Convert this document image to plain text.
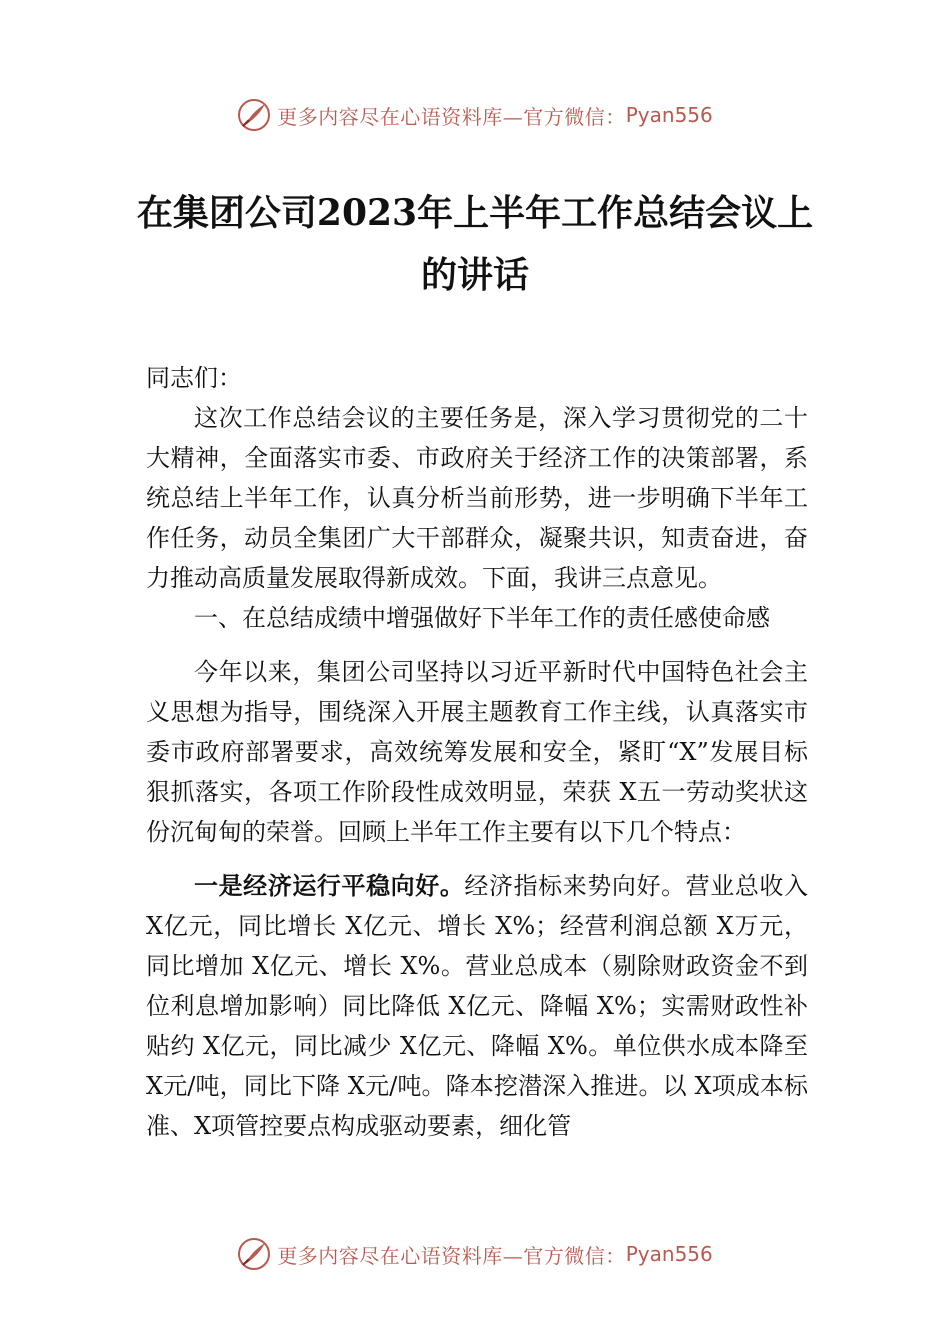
更多内容尽在心语资料库—官方微信： Pyan556
在集团公司2023年上半年工作总结会议上
的讲话

同志们：

这次工作总结会议的主要任务是，深入学习贯彻党的二十大精神，全面落实市委、市政府关于经济工作的决策部署，系统总结上半年工作，认真分析当前形势，进一步明确下半年工作任务，动员全集团广大干部群众，凝聚共识，知责奋进，奋力推动高质量发展取得新成效。下面，我讲三点意见。

一、在总结成绩中增强做好下半年工作的责任感使命感

今年以来，集团公司坚持以习近平新时代中国特色社会主义思想为指导，围绕深入开展主题教育工作主线，认真落实市委市政府部署要求，高效统筹发展和安全，紧盯“X”发展目标狠抓落实，各项工作阶段性成效明显，荣获 X五一劳动奖状这份沉甸甸的荣誉。回顾上半年工作主要有以下几个特点：

一是经济运行平稳向好。经济指标来势向好。营业总收入 X亿元，同比增长 X亿元、增长 X%；经营利润总额 X万元，同比增加 X亿元、增长 X%。营业总成本（剔除财政资金不到位利息增加影响）同比降低 X亿元、降幅 X%；实需财政性补贴约 X亿元，同比减少 X亿元、降幅 X%。单位供水成本降至 X元/吨，同比下降 X元/吨。降本挖潜深入推进。以 X项成本标准、X项管控要点构成驱动要素，细化管

更多内容尽在心语资料库—官方微信： Pyan556
